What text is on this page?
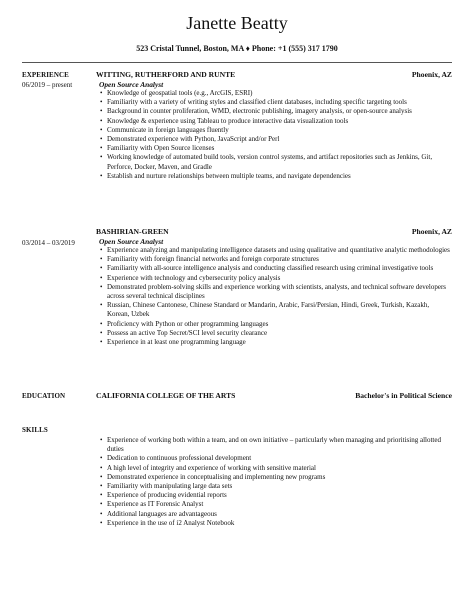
Janette Beatty
523 Cristal Tunnel, Boston, MA ♦ Phone: +1 (555) 317 1790
EXPERIENCE
06/2019 – present
WITTING, RUTHERFORD AND RUNTE	Phoenix, AZ
Open Source Analyst
• Knowledge of geospatial tools (e.g., ArcGIS, ESRI)
• Familiarity with a variety of writing styles and classified client databases, including specific targeting tools
• Background in counter proliferation, WMD, electronic publishing, imagery analysis, or open-source analysis
• Knowledge & experience using Tableau to produce interactive data visualization tools
• Communicate in foreign languages fluently
• Demonstrated experience with Python, JavaScript and/or Perl
• Familiarity with Open Source licenses
• Working knowledge of automated build tools, version control systems, and artifact repositories such as Jenkins, Git, Perforce, Docker, Maven, and Gradle
• Establish and nurture relationships between multiple teams, and navigate dependencies
03/2014 – 03/2019
BASHIRIAN-GREEN	Phoenix, AZ
Open Source Analyst
• Experience analyzing and manipulating intelligence datasets and using qualitative and quantitative analytic methodologies
• Familiarity with foreign financial networks and foreign corporate structures
• Familiarity with all-source intelligence analysis and conducting classified research using criminal investigative tools
• Experience with technology and cybersecurity policy analysis
• Demonstrated problem-solving skills and experience working with scientists, analysts, and technical software developers across several technical disciplines
• Russian, Chinese Cantonese, Chinese Standard or Mandarin, Arabic, Farsi/Persian, Hindi, Greek, Turkish, Kazakh, Korean, Uzbek
• Proficiency with Python or other programming languages
• Possess an active Top Secret/SCI level security clearance
• Experience in at least one programming language
EDUCATION	CALIFORNIA COLLEGE OF THE ARTS	Bachelor's in Political Science
SKILLS
• Experience of working both within a team, and on own initiative – particularly when managing and prioritising allotted duties
• Dedication to continuous professional development
• A high level of integrity and experience of working with sensitive material
• Demonstrated experience in conceptualising and implementing new programs
• Familiarity with manipulating large data sets
• Experience of producing evidential reports
• Experience as IT Forensic Analyst
• Additional languages are advantageous
• Experience in the use of i2 Analyst Notebook
